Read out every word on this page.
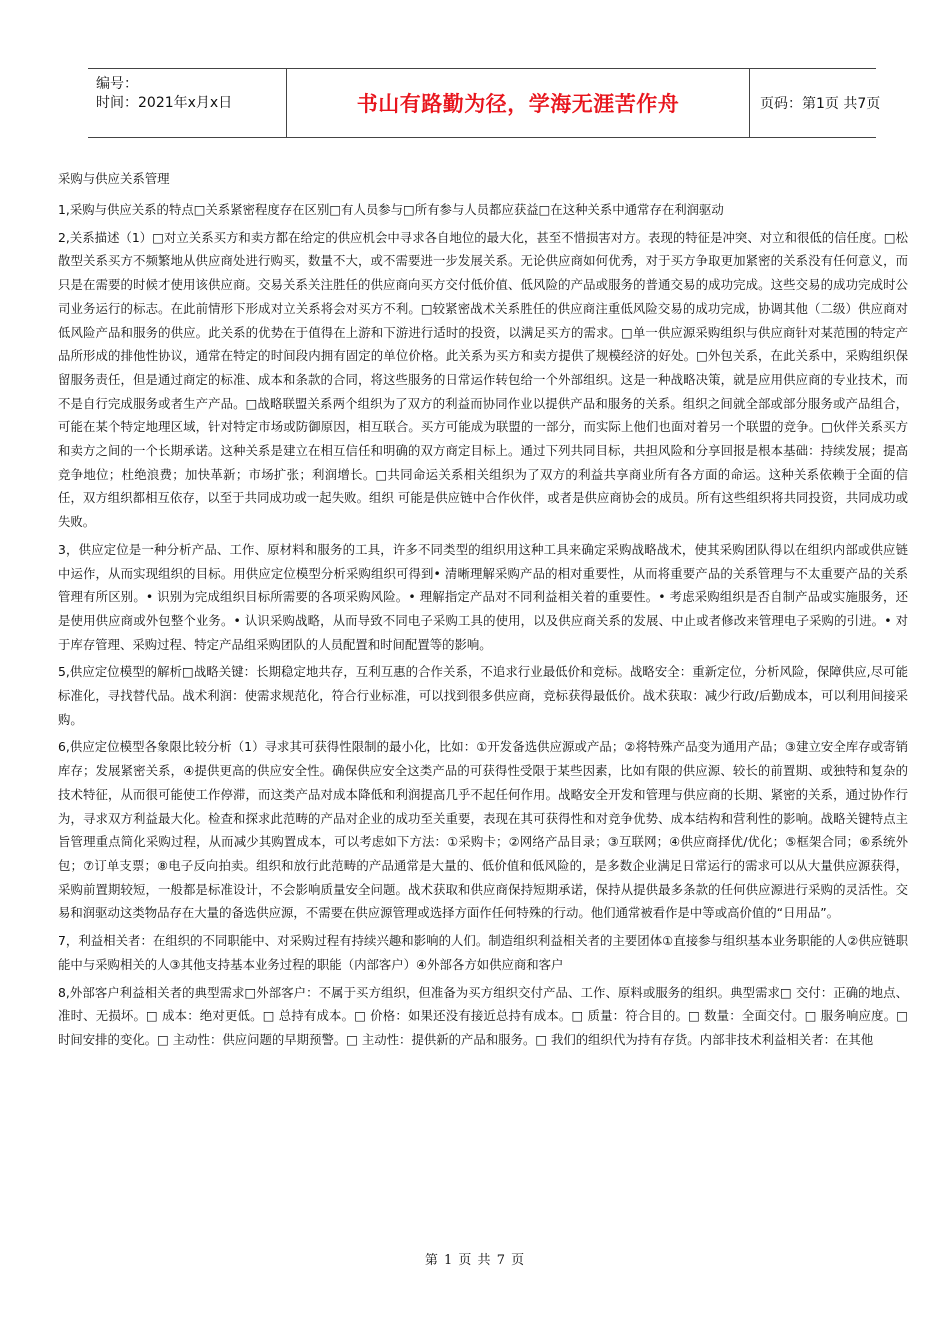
编号：
时间：2021年x月x日	书山有路勤为径，学海无涯苦作舟	页码：第1页 共7页
采购与供应关系管理

1,采购与供应关系的特点□关系紧密程度存在区别□有人员参与□所有参与人员都应获益□在这种关系中通常存在利润驱动

2,关系描述（1）□对立关系买方和卖方都在给定的供应机会中寻求各自地位的最大化，甚至不惜损害对方。表现的特征是冲突、对立和很低的信任度。□松散型关系买方不频繁地从供应商处进行购买，数量不大，或不需要进一步发展关系。无论供应商如何优秀，对于买方争取更加紧密的关系没有任何意义，而只是在需要的时候才使用该供应商。交易关系关注胜任的供应商向买方交付低价值、低风险的产品或服务的普通交易的成功完成。这些交易的成功完成时公司业务运行的标志。在此前情形下形成对立关系将会对买方不利。□较紧密战术关系胜任的供应商注重低风险交易的成功完成，协调其他（二级）供应商对低风险产品和服务的供应。此关系的优势在于值得在上游和下游进行适时的投资，以满足买方的需求。□单一供应源采购组织与供应商针对某范围的特定产品所形成的排他性协议，通常在特定的时间段内拥有固定的单位价格。此关系为买方和卖方提供了规模经济的好处。□外包关系，在此关系中，采购组织保留服务责任，但是通过商定的标准、成本和条款的合同，将这些服务的日常运作转包给一个外部组织。这是一种战略决策，就是应用供应商的专业技术，而不是自行完成服务或者生产产品。□战略联盟关系两个组织为了双方的利益而协同作业以提供产品和服务的关系。组织之间就全部或部分服务或产品组合，可能在某个特定地理区域，针对特定市场或防御原因，相互联合。买方可能成为联盟的一部分，而实际上他们也面对着另一个联盟的竞争。□伙伴关系买方和卖方之间的一个长期承诺。这种关系是建立在相互信任和明确的双方商定目标上。通过下列共同目标，共担风险和分享回报是根本基础：持续发展；提高竞争地位；杜绝浪费；加快革新；市场扩张；利润增长。□共同命运关系相关组织为了双方的利益共享商业所有各方面的命运。这种关系依赖于全面的信任，双方组织都相互依存，以至于共同成功或一起失败。组织 可能是供应链中合作伙伴，或者是供应商协会的成员。所有这些组织将共同投资，共同成功或失败。

3，供应定位是一种分析产品、工作、原材料和服务的工具，许多不同类型的组织用这种工具来确定采购战略战术，使其采购团队得以在组织内部或供应链中运作，从而实现组织的目标。用供应定位模型分析采购组织可得到• 清晰理解采购产品的相对重要性，从而将重要产品的关系管理与不太重要产品的关系管理有所区别。• 识别为完成组织目标所需要的各项采购风险。• 理解指定产品对不同利益相关着的重要性。• 考虑采购组织是否自制产品或实施服务，还是使用供应商或外包整个业务。• 认识采购战略，从而导致不同电子采购工具的使用，以及供应商关系的发展、中止或者修改来管理电子采购的引进。• 对于库存管理、采购过程、特定产品组采购团队的人员配置和时间配置等的影响。

5,供应定位模型的解析□战略关键：长期稳定地共存，互利互惠的合作关系，不追求行业最低价和竞标。战略安全：重新定位，分析风险，保障供应,尽可能标准化，寻找替代品。战术利润：使需求规范化，符合行业标准，可以找到很多供应商，竞标获得最低价。战术获取：减少行政/后勤成本，可以利用间接采购。

6,供应定位模型各象限比较分析（1）寻求其可获得性限制的最小化，比如：①开发备选供应源或产品；②将特殊产品变为通用产品；③建立安全库存或寄销库存；发展紧密关系，④提供更高的供应安全性。确保供应安全这类产品的可获得性受限于某些因素，比如有限的供应源、较长的前置期、或独特和复杂的技术特征，从而很可能使工作停滞，而这类产品对成本降低和利润提高几乎不起任何作用。战略安全开发和管理与供应商的长期、紧密的关系，通过协作行为，寻求双方利益最大化。检查和探求此范畴的产品对企业的成功至关重要，表现在其可获得性和对竞争优势、成本结构和营利性的影响。战略关键特点主旨管理重点简化采购过程，从而减少其购置成本，可以考虑如下方法：①采购卡；②网络产品目录；③互联网；④供应商择优/优化；⑤框架合同；⑥系统外包；⑦订单支票；⑧电子反向拍卖。组织和放行此范畴的产品通常是大量的、低价值和低风险的，是多数企业满足日常运行的需求可以从大量供应源获得，采购前置期较短，一般都是标准设计，不会影响质量安全问题。战术获取和供应商保持短期承诺，保持从提供最多条款的任何供应源进行采购的灵活性。交易和润驱动这类物品存在大量的备选供应源，不需要在供应源管理或选择方面作任何特殊的行动。他们通常被看作是中等或高价值的“日用品”。

7，利益相关者：在组织的不同职能中、对采购过程有持续兴趣和影响的人们。制造组织利益相关者的主要团体①直接参与组织基本业务职能的人②供应链职能中与采购相关的人③其他支持基本业务过程的职能（内部客户）④外部各方如供应商和客户

8,外部客户利益相关者的典型需求□外部客户：不属于买方组织，但准备为买方组织交付产品、工作、原料或服务的组织。典型需求□ 交付：正确的地点、准时、无损坏。□ 成本：绝对更低。□ 总持有成本。□ 价格：如果还没有接近总持有成本。□ 质量：符合目的。□ 数量：全面交付。□ 服务响应度。□ 时间安排的变化。□ 主动性：供应问题的早期预警。□ 主动性：提供新的产品和服务。□ 我们的组织代为持有存货。内部非技术利益相关者：在其他

第 1 页 共 7 页
